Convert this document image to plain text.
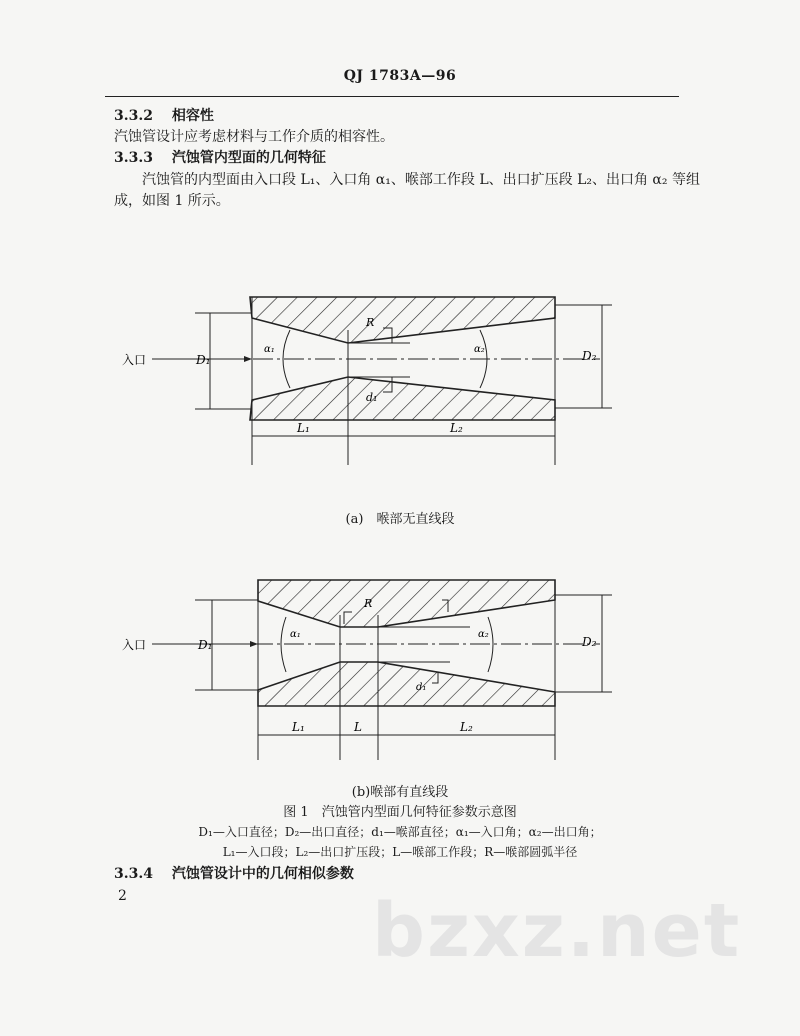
QJ 1783A—96
3.3.2　 相容性
汽蚀管设计应考虑材料与工作介质的相容性。
3.3.3　 汽蚀管内型面的几何特征
汽蚀管的内型面由入口段 L₁、入口角 α₁、喉部工作段 L、出口扩压段 L₂、出口角 α₂ 等组
成，如图 1 所示。
入口	D₁	D₂
α₁	α₂
R
d₁
L₁	L₂
(a)　喉部无直线段
入口	D₁	D₂
α₁	α₂
R
d₁
L₁	L	L₂
(b)喉部有直线段
图 1　汽蚀管内型面几何特征参数示意图
D₁—入口直径；D₂—出口直径；d₁—喉部直径；α₁—入口角；α₂—出口角；
L₁—入口段；L₂—出口扩压段；L—喉部工作段；R—喉部圆弧半径
3.3.4　 汽蚀管设计中的几何相似参数
2	bzxz.net
